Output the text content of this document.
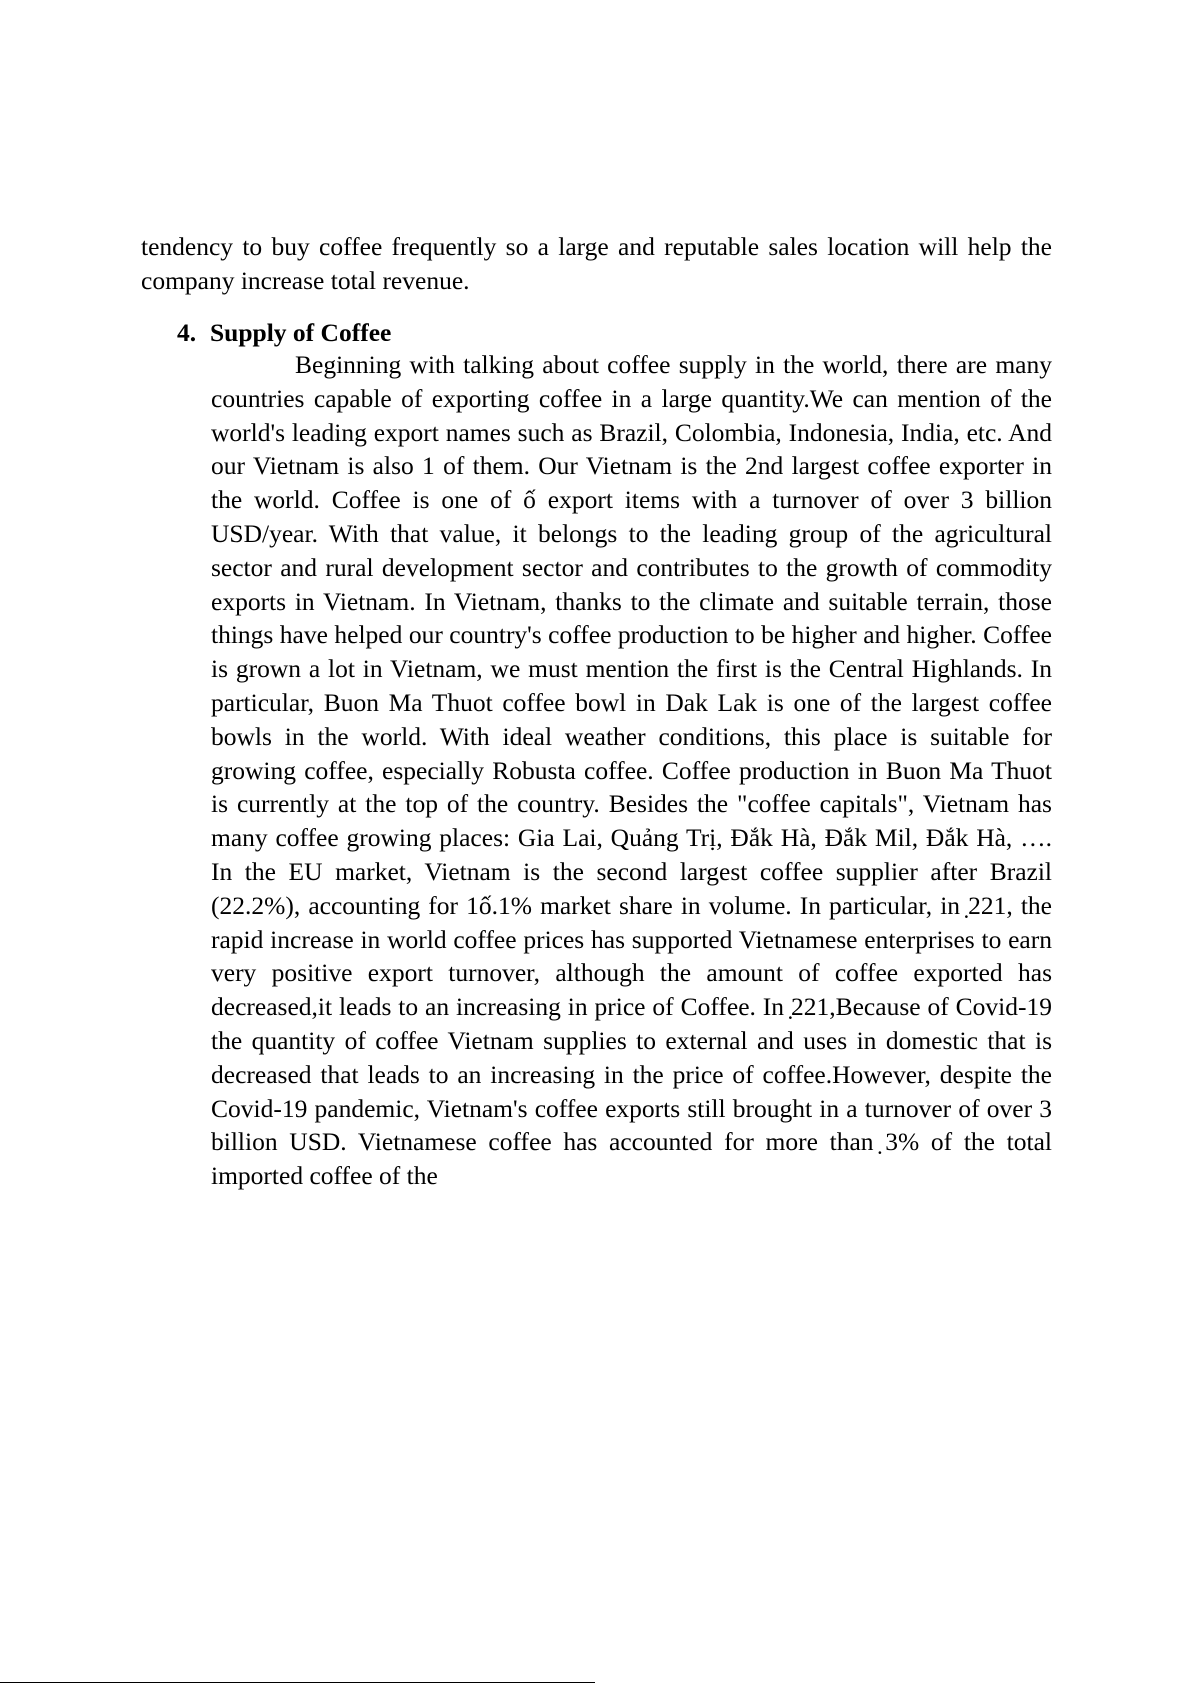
tendency to buy coffee frequently so a large and reputable sales location will help the company increase total revenue.

4. Supply of Coffee

Beginning with talking about coffee supply in the world, there are many countries capable of exporting coffee in a large quantity.We can mention of the world's leading export names such as Brazil, Colombia, Indonesia, India, etc. And our Vietnam is also 1 of them. Our Vietnam is the 2nd largest coffee exporter in the world. Coffee is one of ố export items with a turnover of over 3 billion USD/year. With that value, it belongs to the leading group of the agricultural sector and rural development sector and contributes to the growth of commodity exports in Vietnam. In Vietnam, thanks to the climate and suitable terrain, those things have helped our country's coffee production to be higher and higher. Coffee is grown a lot in Vietnam, we must mention the first is the Central Highlands. In particular, Buon Ma Thuot coffee bowl in Dak Lak is one of the largest coffee bowls in the world. With ideal weather conditions, this place is suitable for growing coffee, especially Robusta coffee. Coffee production in Buon Ma Thuot is currently at the top of the country. Besides the "coffee capitals", Vietnam has many coffee growing places: Gia Lai, Quảng Trị, Đắk Hà, Đắk Mil, Đắk Hà, …. In the EU market, Vietnam is the second largest coffee supplier after Brazil (22.2%), accounting for 1ố.1% market share in volume. In particular, in ̣221, the rapid increase in world coffee prices has supported Vietnamese enterprises to earn very positive export turnover, although the amount of coffee exported has decreased,it leads to an increasing in price of Coffee. In ̣221,Because of Covid-19 the quantity of coffee Vietnam supplies to external and uses in domestic that is decreased that leads to an increasing in the price of coffee.However, despite the Covid-19 pandemic, Vietnam's coffee exports still brought in a turnover of over 3 billion USD. Vietnamese coffee has accounted for more than ̣3% of the total imported coffee of the
